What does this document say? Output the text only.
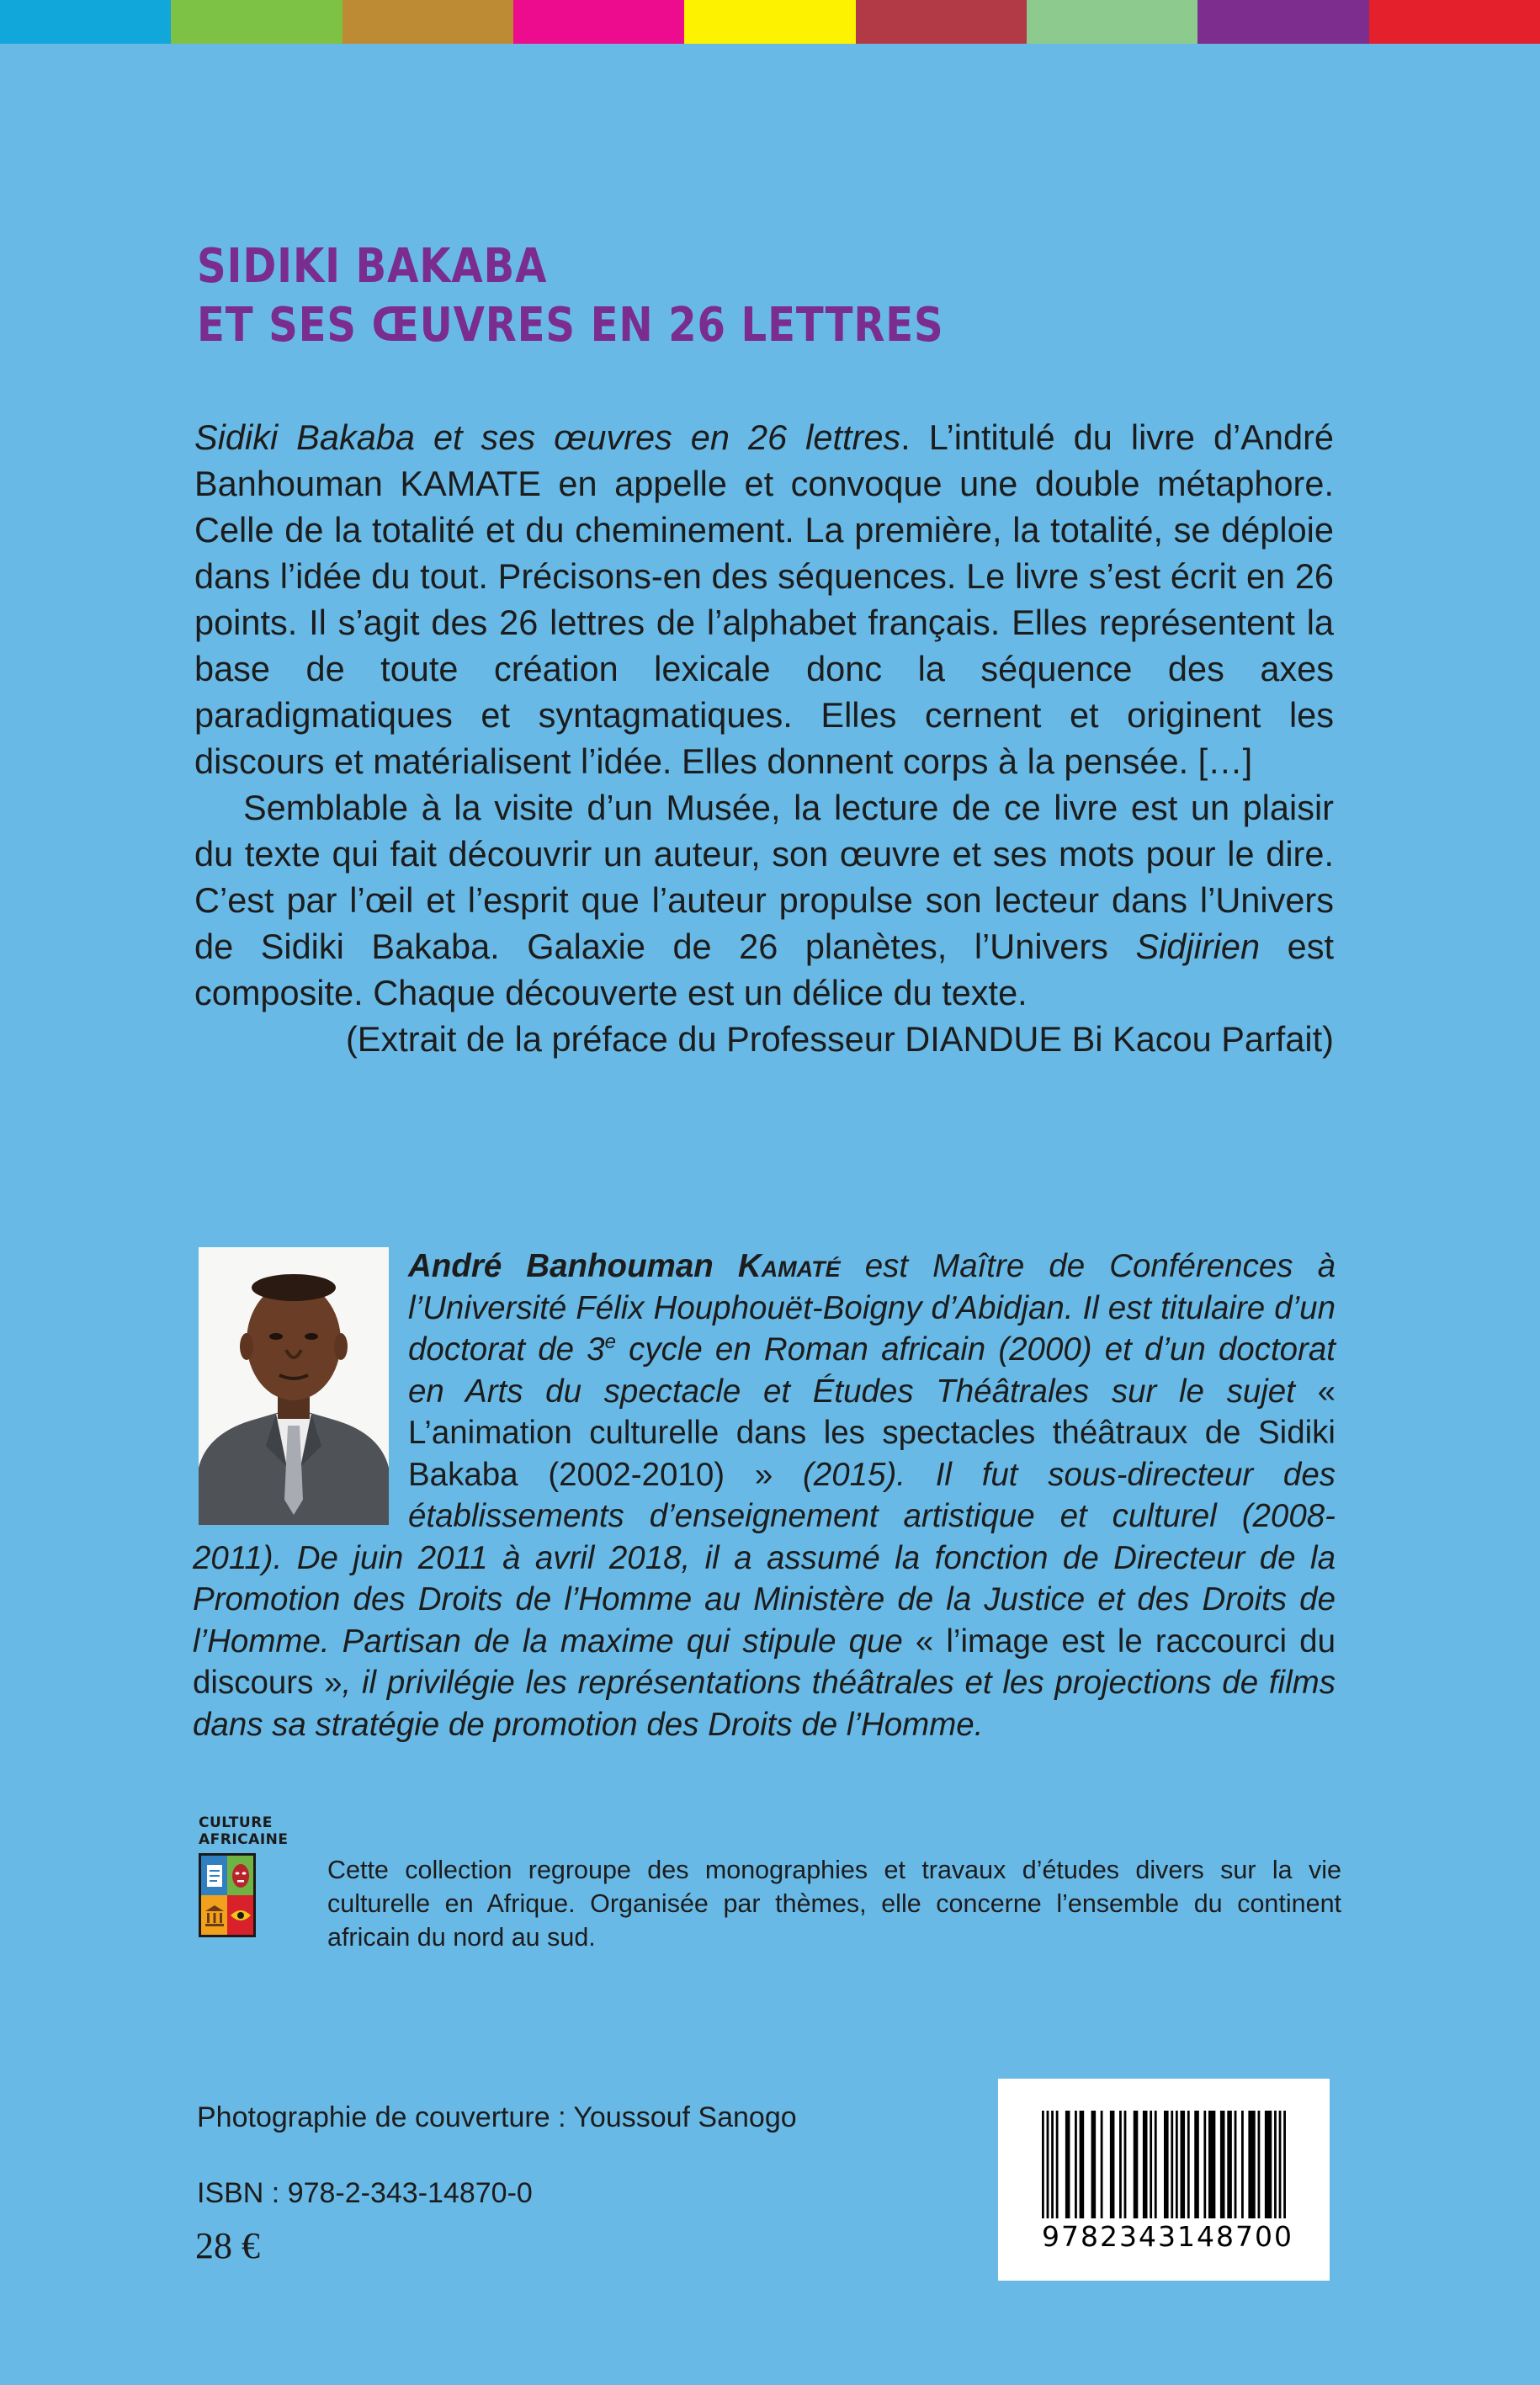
SIDIKI BAKABA
ET SES ŒUVRES EN 26 LETTRES

Sidiki Bakaba et ses œuvres en 26 lettres. L’intitulé du livre d’André Banhouman KAMATE en appelle et convoque une double métaphore. Celle de la totalité et du cheminement. La première, la totalité, se déploie dans l’idée du tout. Précisons-en des séquences. Le livre s’est écrit en 26 points. Il s’agit des 26 lettres de l’alphabet français. Elles représentent la base de toute création lexicale donc la séquence des axes paradigmatiques et syntagmatiques. Elles cernent et originent les discours et matérialisent l’idée. Elles donnent corps à la pensée. […]

Semblable à la visite d’un Musée, la lecture de ce livre est un plaisir du texte qui fait découvrir un auteur, son œuvre et ses mots pour le dire. C’est par l’œil et l’esprit que l’auteur propulse son lecteur dans l’Univers de Sidiki Bakaba. Galaxie de 26 planètes, l’Univers Sidjirien est composite. Chaque découverte est un délice du texte.

(Extrait de la préface du Professeur DIANDUE Bi Kacou Parfait)

André Banhouman Kamaté est Maître de Conférences à l’Université Félix Houphouët-Boigny d’Abidjan. Il est titulaire d’un doctorat de 3e cycle en Roman africain (2000) et d’un doctorat en Arts du spectacle et Études Théâtrales sur le sujet « L’animation culturelle dans les spectacles théâtraux de Sidiki Bakaba (2002-2010) » (2015). Il fut sous-directeur des établissements d’enseignement artistique et culturel (2008-2011). De juin 2011 à avril 2018, il a assumé la fonction de Directeur de la Promotion des Droits de l’Homme au Ministère de la Justice et des Droits de l’Homme. Partisan de la maxime qui stipule que « l’image est le raccourci du discours », il privilégie les représentations théâtrales et les projections de films dans sa stratégie de promotion des Droits de l’Homme.
CULTURE
AFRICAINE
Cette collection regroupe des monographies et travaux d’études divers sur la vie culturelle en Afrique. Organisée par thèmes, elle concerne l’ensemble du continent africain du nord au sud.
Photographie de couverture : Youssouf Sanogo
ISBN : 978-2-343-14870-0
28 €	9782343148700
